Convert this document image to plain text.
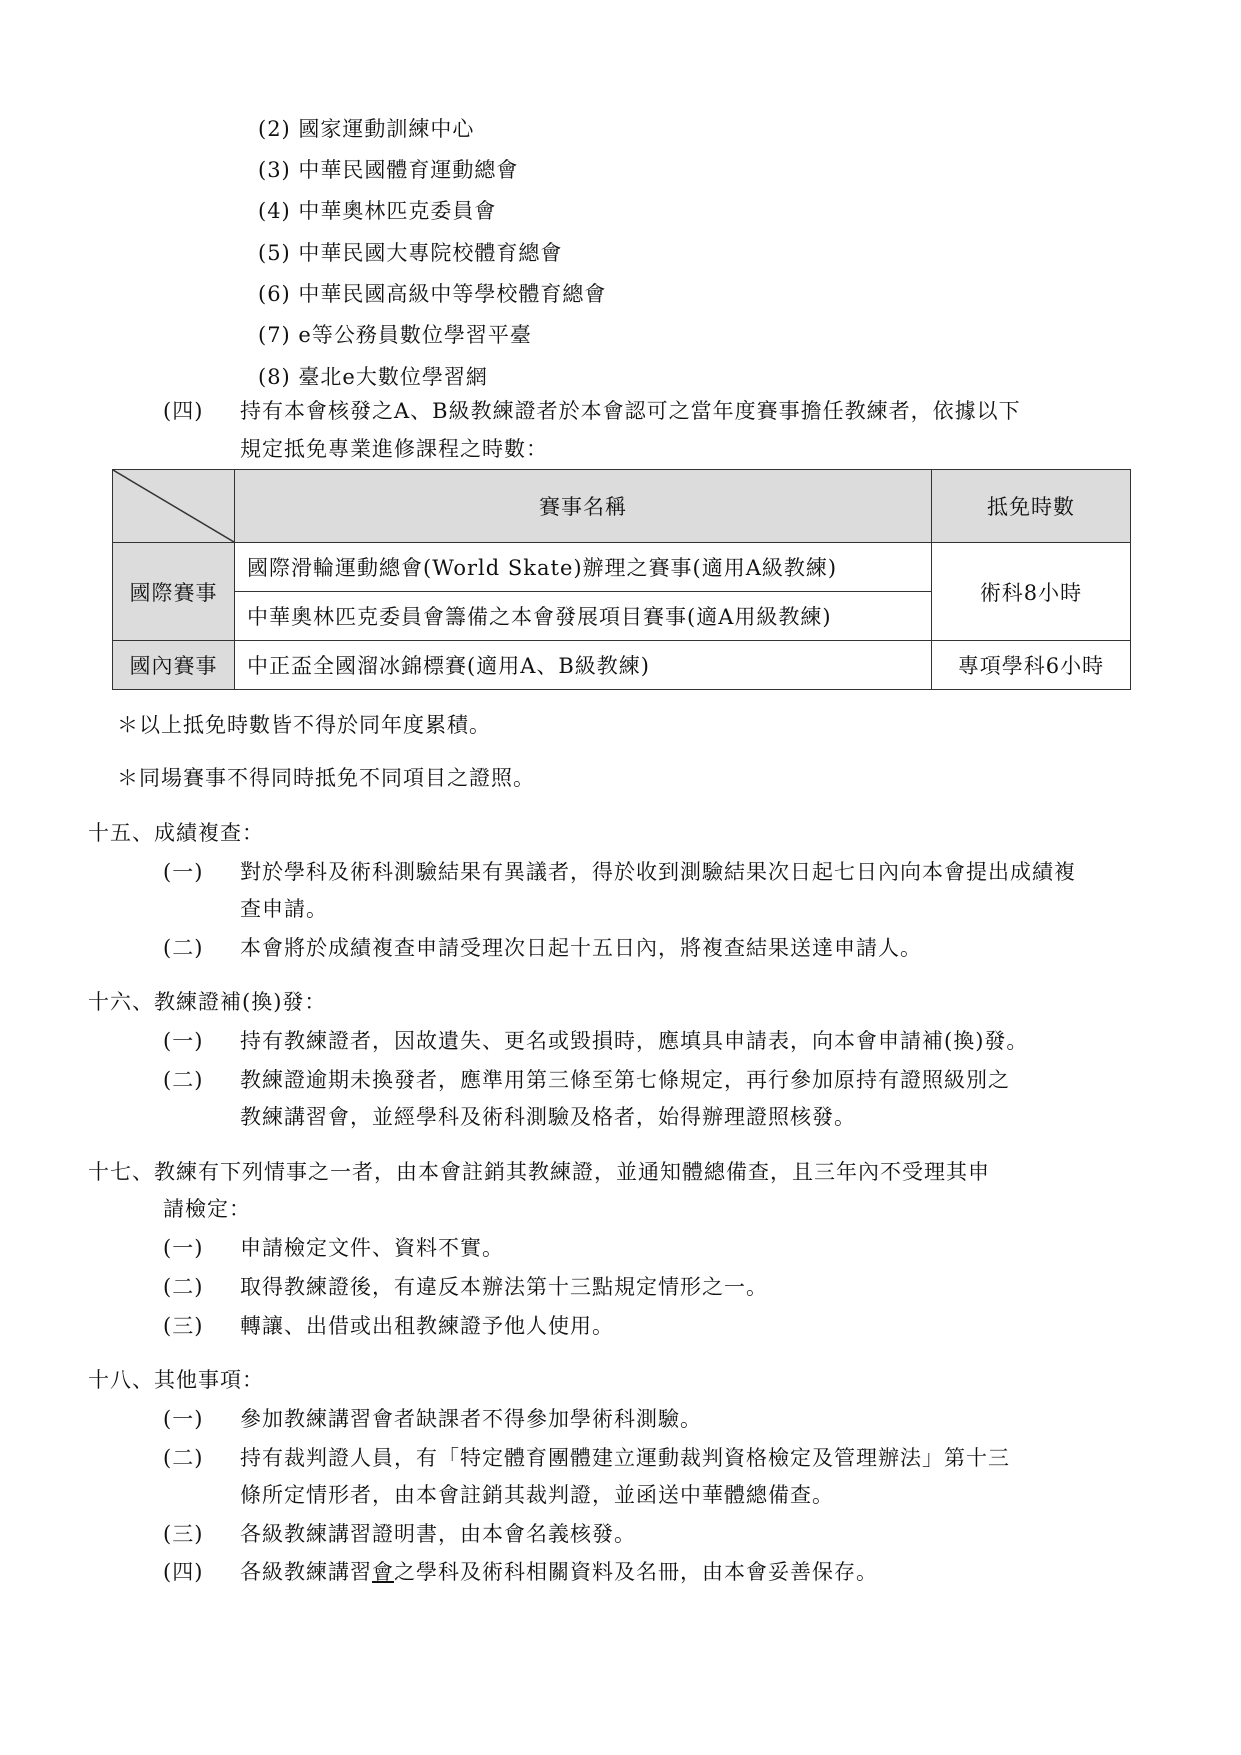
(2) 國家運動訓練中心
(3) 中華民國體育運動總會
(4) 中華奧林匹克委員會
(5) 中華民國大專院校體育總會
(6) 中華民國高級中等學校體育總會
(7) e等公務員數位學習平臺
(8) 臺北e大數位學習網
(四) 持有本會核發之A、B級教練證者於本會認可之當年度賽事擔任教練者，依據以下
規定抵免專業進修課程之時數：
	賽事名稱	抵免時數
國際賽事	國際滑輪運動總會(World Skate)辦理之賽事(適用A級教練)	術科8小時
	中華奧林匹克委員會籌備之本會發展項目賽事(適A用級教練)	
國內賽事	中正盃全國溜冰錦標賽(適用A、B級教練)	專項學科6小時
＊以上抵免時數皆不得於同年度累積。
＊同場賽事不得同時抵免不同項目之證照。
十五、成績複查：
(一) 對於學科及術科測驗結果有異議者，得於收到測驗結果次日起七日內向本會提出成績複
查申請。
(二) 本會將於成績複查申請受理次日起十五日內，將複查結果送達申請人。
十六、教練證補(換)發：
(一) 持有教練證者，因故遺失、更名或毀損時，應填具申請表，向本會申請補(換)發。
(二) 教練證逾期未換發者，應準用第三條至第七條規定，再行參加原持有證照級別之
教練講習會，並經學科及術科測驗及格者，始得辦理證照核發。
十七、教練有下列情事之一者，由本會註銷其教練證，並通知體總備查，且三年內不受理其申
請檢定：
(一) 申請檢定文件、資料不實。
(二) 取得教練證後，有違反本辦法第十三點規定情形之一。
(三) 轉讓、出借或出租教練證予他人使用。
十八、其他事項：
(一) 參加教練講習會者缺課者不得參加學術科測驗。
(二) 持有裁判證人員，有「特定體育團體建立運動裁判資格檢定及管理辦法」第十三
條所定情形者，由本會註銷其裁判證，並函送中華體總備查。
(三) 各級教練講習證明書，由本會名義核發。
(四) 各級教練講習會之學科及術科相關資料及名冊，由本會妥善保存。
